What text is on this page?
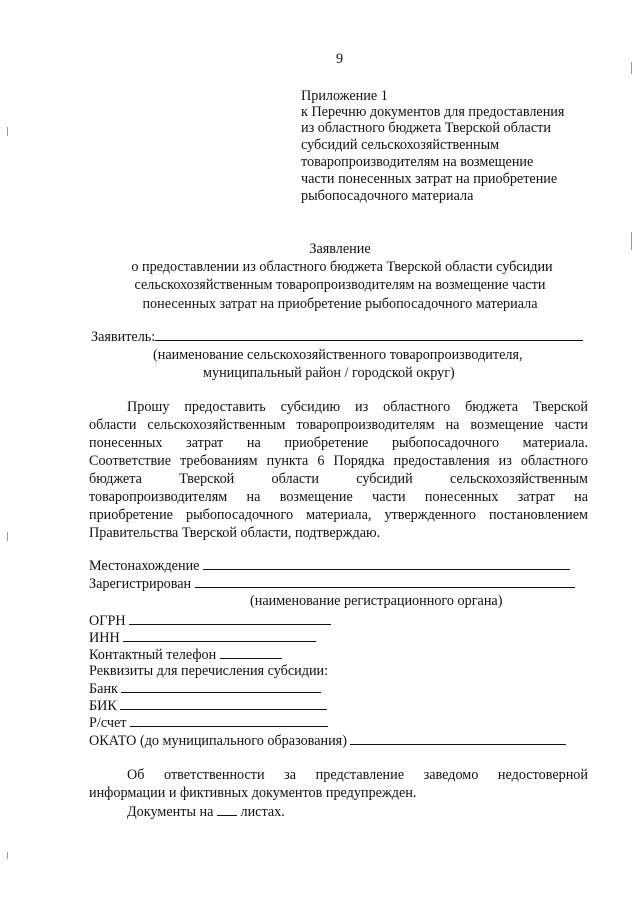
9
Приложение 1
к Перечню документов для предоставления
из областного бюджета Тверской области
субсидий сельскохозяйственным
товаропроизводителям на возмещение
части понесенных затрат на приобретение
рыбопосадочного материала
Заявление
о предоставлении из областного бюджета Тверской области субсидии
сельскохозяйственным товаропроизводителям на возмещение части
понесенных затрат на приобретение рыбопосадочного материала
Заявитель:
(наименование сельскохозяйственного товаропроизводителя,
муниципальный район / городской округ)
Прошу предоставить субсидию из областного бюджета Тверской
области сельскохозяйственным товаропроизводителям на возмещение части
понесенных затрат на приобретение рыбопосадочного материала.
Соответствие требованиям пункта 6 Порядка предоставления из областного
бюджета Тверской области субсидий сельскохозяйственным
товаропроизводителям на возмещение части понесенных затрат на
приобретение рыбопосадочного материала, утвержденного постановлением
Правительства Тверской области, подтверждаю.
Местонахождение
Зарегистрирован
(наименование регистрационного органа)
ОГРН
ИНН
Контактный телефон
Реквизиты для перечисления субсидии:
Банк
БИК
Р/счет
ОКАТО (до муниципального образования)
Об ответственности за представление заведомо недостоверной
информации и фиктивных документов предупрежден.
Документы на листах.
